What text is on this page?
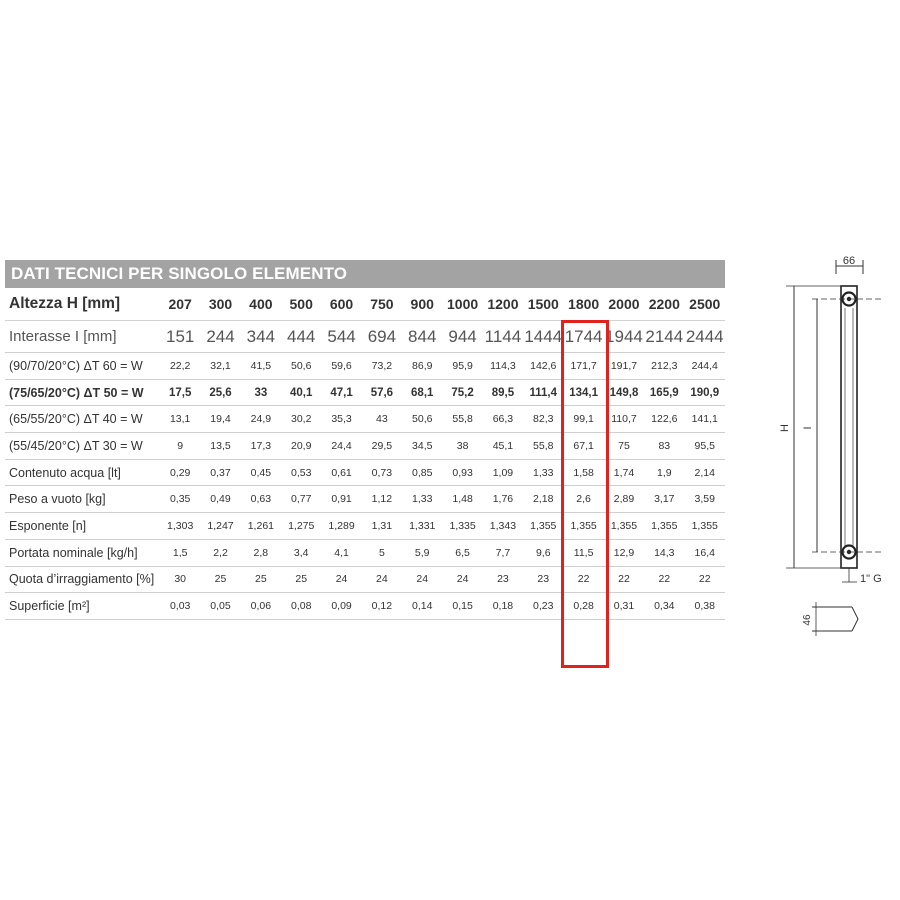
DATI TECNICI PER SINGOLO ELEMENTO
Altezza H [mm]	207	300	400	500	600	750	900	1000	1200	1500	1800	2000	2200	2500
Interasse I [mm]	151	244	344	444	544	694	844	944	1144	1444	1744	1944	2144	2444
(90/70/20°C) ΔT 60 = W	22,2	32,1	41,5	50,6	59,6	73,2	86,9	95,9	114,3	142,6	171,7	191,7	212,3	244,4
(75/65/20°C) ΔT 50 = W	17,5	25,6	33	40,1	47,1	57,6	68,1	75,2	89,5	111,4	134,1	149,8	165,9	190,9
(65/55/20°C) ΔT 40 = W	13,1	19,4	24,9	30,2	35,3	43	50,6	55,8	66,3	82,3	99,1	110,7	122,6	141,1
(55/45/20°C) ΔT 30 = W	9	13,5	17,3	20,9	24,4	29,5	34,5	38	45,1	55,8	67,1	75	83	95,5
Contenuto acqua [lt]	0,29	0,37	0,45	0,53	0,61	0,73	0,85	0,93	1,09	1,33	1,58	1,74	1,9	2,14
Peso a vuoto [kg]	0,35	0,49	0,63	0,77	0,91	1,12	1,33	1,48	1,76	2,18	2,6	2,89	3,17	3,59
Esponente [n]	1,303	1,247	1,261	1,275	1,289	1,31	1,331	1,335	1,343	1,355	1,355	1,355	1,355	1,355
Portata nominale [kg/h]	1,5	2,2	2,8	3,4	4,1	5	5,9	6,5	7,7	9,6	11,5	12,9	14,3	16,4
Quota d’irraggiamento [%]	30	25	25	25	24	24	24	24	23	23	22	22	22	22
Superficie [m²]	0,03	0,05	0,06	0,08	0,09	0,12	0,14	0,15	0,18	0,23	0,28	0,31	0,34	0,38
66
H I
1" G
46
